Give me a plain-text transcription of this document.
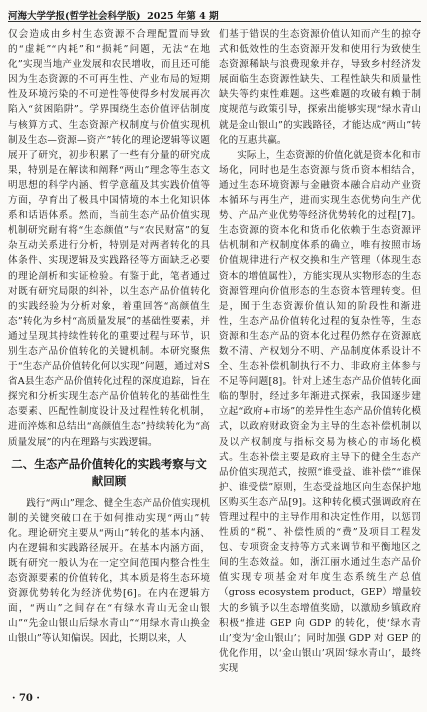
河海大学学报(哲学社会科学版) 2025 年第 4 期

仅会造成由乡村生态资源不合理配置而导致的“虚耗”“内耗”和“损耗”问题，无法“在地化”实现当地产业发展和农民增收，而且还可能因为生态资源的不可再生性、产业布局的短期性及环境污染的不可逆性等使得乡村发展再次陷入“贫困陷阱”。学界围绕生态价值评估制度与核算方式、生态资源产权制度与价值实现机制及生态—资源—资产”转化的理论逻辑等议题展开了研究，初步积累了一些有分量的研究成果，特别是在解读和阐释“两山”理念等生态文明思想的科学内涵、哲学意蕴及其实践价值等方面，孕育出了极具中国情境的本土化知识体系和话语体系。然而，当前生态产品价值实现机制研究耐有将“生态颜值”与“农民财富”的复杂互动关系进行分析，特别是对两者转化的具体条件、实现逻辑及实践路径等方面缺乏必要的理论剖析和实证检验。有鉴于此，笔者通过对既有研究局限的纠补，以生态产品价值转化的实践经验为分析对象，着重回答“高颜值生态”转化为乡村“高质量发展”的基础性要素，并通过呈现其持续性转化的重要过程与环节，识别生态产品价值转化的关键机制。本研究聚焦于“生态产品价值转化何以实现”问题，通过对S省A县生态产品价值转化过程的深度追踪，旨在探究和分析实现生态产品价值转化的基础性生态要素、匹配性制度设计及过程性转化机制，进而淬炼和总结出“高颜值生态”持续转化为“高质量发展”的内在理路与实践逻辑。

二、生态产品价值转化的实践考察与文献回顾

践行“两山”理念、健全生态产品价值实现机制的关键突破口在于如何推动实现“两山”转化。理论研究主要从“两山”转化的基本内涵、内在逻辑和实践路径展开。在基本内涵方面，既有研究一般认为在一定空间范围内整合性生态资源要素的价值转化，其本质是将生态环境资源优势转化为经济优势[6]。在内在逻辑方面，“两山”之间存在“有绿水青山无金山银山”“先金山银山后绿水青山”“用绿水青山换金山银山”等认知偏误。因此，长期以来，人

们基于错误的生态资源价值认知而产生的掠夺式和低效性的生态资源开发和使用行为致使生态资源稀缺与浪费现象并存，导致乡村经济发展面临生态资源性缺失、工程性缺失和质量性缺失等约束性难题。这些难题的攻破有赖于制度规范与政策引导，探索出能够实现“绿水青山就是金山银山”的实践路径，才能达成“两山”转化的互惠共赢。

实际上，生态资源的价值化就是资本化和市场化，同时也是生态资源与货币资本相结合，通过生态环境资源与金融资本融合启动产业资本循环与再生产，进而实现生态优势向生产优势、产品产业优势等经济优势转化的过程[7]。生态资源的资本化和货币化依赖于生态资源评估机制和产权制度体系的确立，唯有按照市场价值规律进行产权交换和生产管理（体现生态资本的增值属性），方能实现从实物形态的生态资源管理向价值形态的生态资本管理转变。但是，囿于生态资源价值认知的阶段性和渐进性，生态产品价值转化过程的复杂性等，生态资源和生态产品的资本化过程仍然存在资源底数不清、产权划分不明、产品制度体系设计不全、生态补偿机制执行不力、非政府主体参与不足等问题[8]。针对上述生态产品价值转化面临的掣肘，经过多年渐进式探索，我国逐步建立起“政府+市场”的差异性生态产品价值转化模式，以政府财政资金为主导的生态补偿机制以及以产权制度与指标交易为核心的市场化模式。生态补偿主要是政府主导下的健全生态产品价值实现范式，按照“谁受益、谁补偿”“谁保护、谁受偿”原则，生态受益地区向生态保护地区购买生态产品[9]。这种转化模式强调政府在管理过程中的主导作用和决定性作用，以惩罚性质的“税”、补偿性质的“费”及项目工程发包、专项资金支持等方式来调节和平衡地区之间的生态效益。如，浙江丽水通过生态产品价值实现专项基金对年度生态系统生产总值（gross ecosystem product，GEP）增量较大的乡镇予以生态增值奖励，以激励乡镇政府积极“推进 GEP 向 GDP 的转化，使‘绿水青山’变为‘金山银山’；同时加强 GDP 对 GEP 的优化作用，以‘金山银山’巩固‘绿水青山’，最终实现

· 70 ·
